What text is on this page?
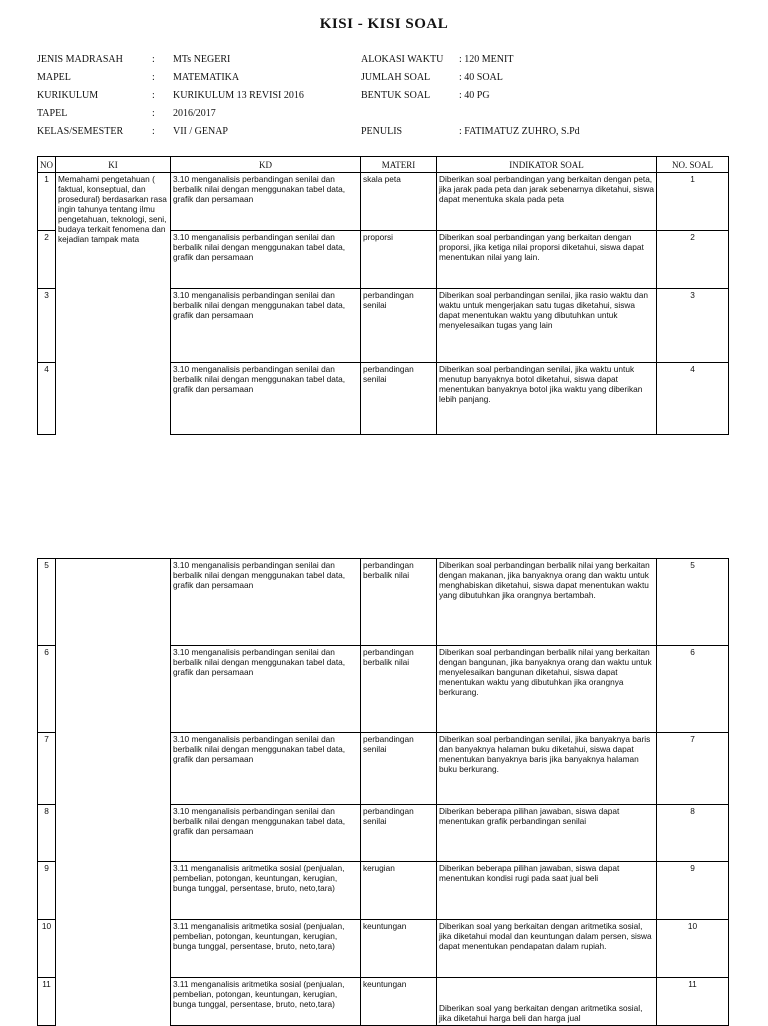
KISI - KISI SOAL
JENIS MADRASAH	: MTs NEGERI
MAPEL	: MATEMATIKA
KURIKULUM	: KURIKULUM 13 REVISI 2016
TAPEL	: 2016/2017
KELAS/SEMESTER	: VII / GENAP
ALOKASI WAKTU : 120 MENIT
JUMLAH SOAL	: 40 SOAL
BENTUK SOAL	: 40 PG
PENULIS	: FATIMATUZ ZUHRO, S.Pd
NO	KI	KD	MATERI	INDIKATOR SOAL	NO. SOAL
1	Memahami pengetahuan ( faktual, konseptual, dan prosedural) berdasarkan rasa ingin tahunya tentang ilmu pengetahuan, teknologi, seni, budaya terkait fenomena dan kejadian tampak mata	3.10 menganalisis perbandingan senilai dan berbalik nilai dengan menggunakan tabel data, grafik dan persamaan	skala peta	Diberikan soal perbandingan yang berkaitan dengan peta, jika jarak pada peta dan jarak sebenarnya diketahui, siswa dapat menentuka skala pada peta	1
2		3.10 menganalisis perbandingan senilai dan berbalik nilai dengan menggunakan tabel data, grafik dan persamaan	proporsi	Diberikan soal perbandingan yang berkaitan dengan proporsi, jika ketiga nilai proporsi diketahui, siswa dapat menentukan nilai yang lain.	2
3		3.10 menganalisis perbandingan senilai dan berbalik nilai dengan menggunakan tabel data, grafik dan persamaan	perbandingan senilai	Diberikan soal perbandingan senilai, jika rasio waktu dan waktu untuk mengerjakan satu tugas diketahui, siswa dapat menentukan waktu yang dibutuhkan untuk menyelesaikan tugas yang lain	3
4		3.10 menganalisis perbandingan senilai dan berbalik nilai dengan menggunakan tabel data, grafik dan persamaan	perbandingan senilai	Diberikan soal perbandingan senilai, jika waktu untuk menutup banyaknya botol diketahui, siswa dapat menentukan banyaknya botol jika waktu yang diberikan lebih panjang.	4
5		3.10 menganalisis perbandingan senilai dan berbalik nilai dengan menggunakan tabel data, grafik dan persamaan	perbandingan berbalik nilai	Diberikan soal perbandingan berbalik nilai yang berkaitan dengan makanan, jika banyaknya orang dan waktu untuk menghabiskan diketahui, siswa dapat menentukan waktu yang dibutuhkan jika orangnya bertambah.	5
6		3.10 menganalisis perbandingan senilai dan berbalik nilai dengan menggunakan tabel data, grafik dan persamaan	perbandingan berbalik nilai	Diberikan soal perbandingan berbalik nilai yang berkaitan dengan bangunan, jika banyaknya orang dan waktu untuk menyelesaikan bangunan diketahui, siswa dapat menentukan waktu yang dibutuhkan jika orangnya berkurang.	6
7		3.10 menganalisis perbandingan senilai dan berbalik nilai dengan menggunakan tabel data, grafik dan persamaan	perbandingan senilai	Diberikan soal perbandingan senilai, jika banyaknya baris dan banyaknya halaman buku diketahui, siswa dapat menentukan banyaknya baris jika banyaknya halaman buku berkurang.	7
8		3.10 menganalisis perbandingan senilai dan berbalik nilai dengan menggunakan tabel data, grafik dan persamaan	perbandingan senilai	Diberikan beberapa pilihan jawaban, siswa dapat menentukan grafik perbandingan senilai	8
9		3.11 menganalisis aritmetika sosial (penjualan, pembelian, potongan, keuntungan, kerugian, bunga tunggal, persentase, bruto, neto,tara)	kerugian	Diberikan beberapa pilihan jawaban, siswa dapat menentukan kondisi rugi pada saat jual beli	9
10		3.11 menganalisis aritmetika sosial (penjualan, pembelian, potongan, keuntungan, kerugian, bunga tunggal, persentase, bruto, neto,tara)	keuntungan	Diberikan soal yang berkaitan dengan aritmetika sosial, jika diketahui modal dan keuntungan dalam persen, siswa dapat menentukan pendapatan dalam rupiah.	10
11		3.11 menganalisis aritmetika sosial (penjualan, pembelian, potongan, keuntungan, kerugian, bunga tunggal, persentase, bruto, neto,tara)	keuntungan	Diberikan soal yang berkaitan dengan aritmetika sosial, jika diketahui harga beli dan harga jual	11
